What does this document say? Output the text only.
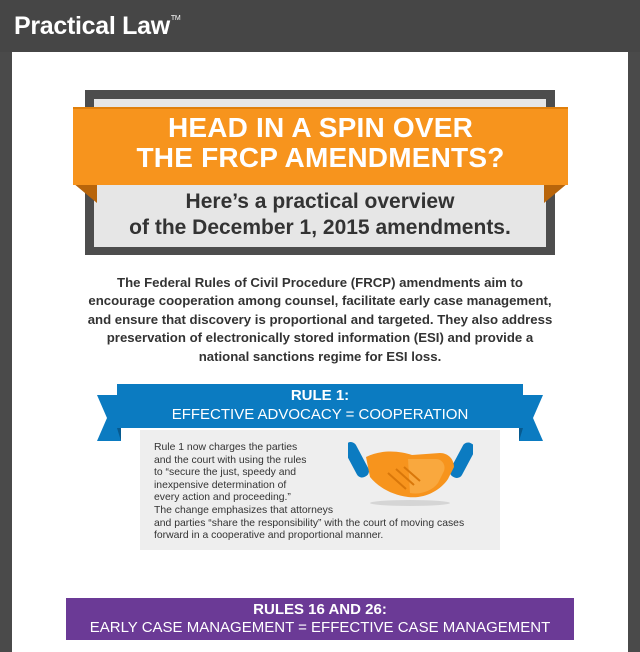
Practical Law™
HEAD IN A SPIN OVER
THE FRCP AMENDMENTS?
Here’s a practical overview
of the December 1, 2015 amendments.
The Federal Rules of Civil Procedure (FRCP) amendments aim to
encourage cooperation among counsel, facilitate early case management,
and ensure that discovery is proportional and targeted. They also address
preservation of electronically stored information (ESI) and provide a
national sanctions regime for ESI loss.
RULE 1:
EFFECTIVE ADVOCACY = COOPERATION
Rule 1 now charges the parties
and the court with using the rules
to “secure the just, speedy and
inexpensive determination of
every action and proceeding.”
The change emphasizes that attorneys
and parties “share the responsibility” with the court of moving cases
forward in a cooperative and proportional manner.
RULES 16 AND 26:
EARLY CASE MANAGEMENT = EFFECTIVE CASE MANAGEMENT
